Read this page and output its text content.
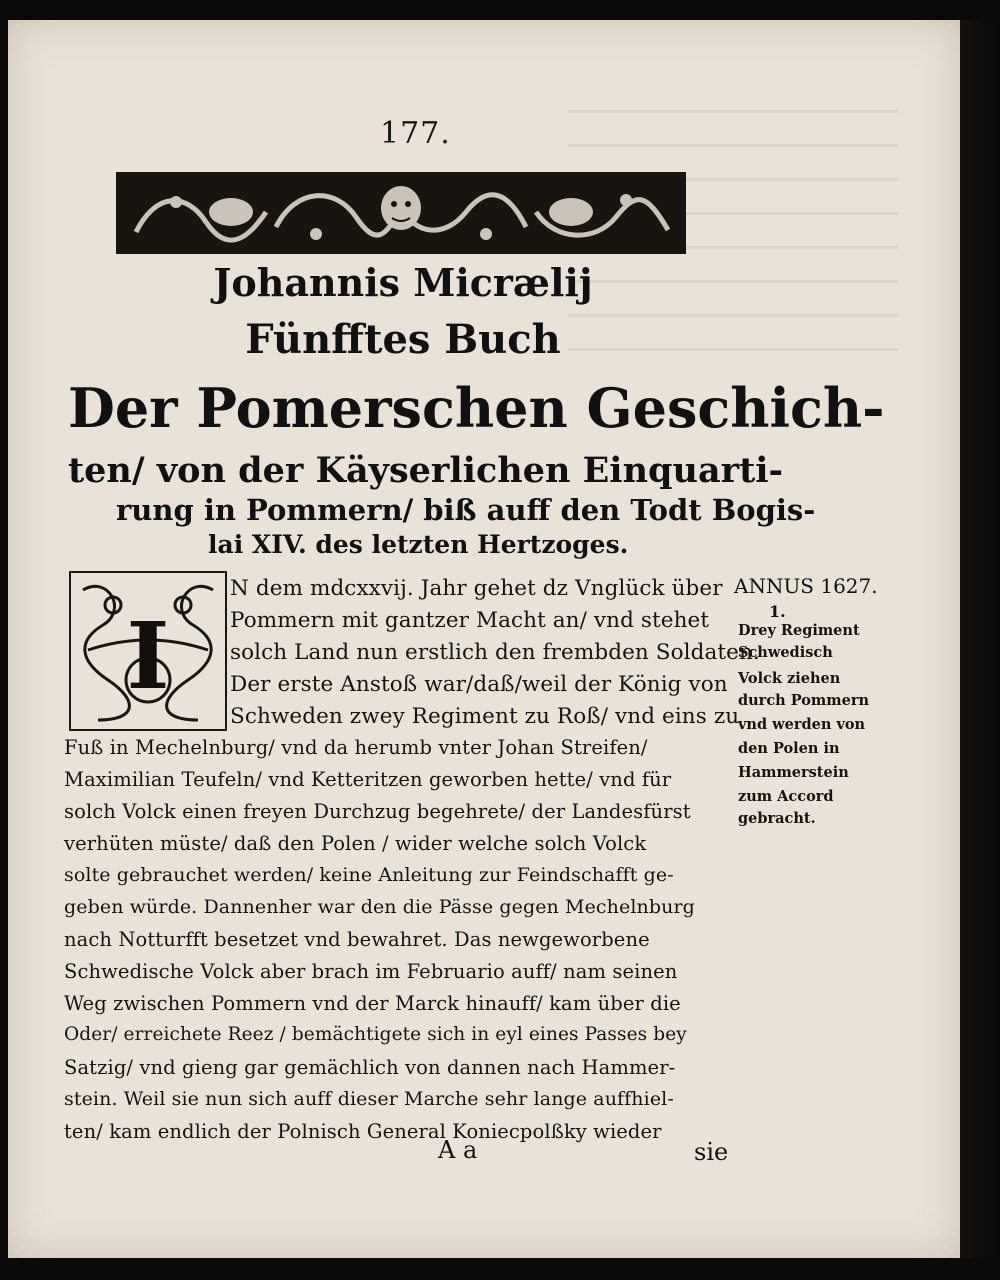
177.
Johannis Micrælij
Fünfftes Buch
Der Pomerschen Geschich-
ten/ von der Käyserlichen Einquarti-
rung in Pommern/ biß auff den Todt Bogis-
lai XIV. des letzten Hertzoges.
I
N dem mdcxxvij. Jahr gehet dz Vnglück über
Pommern mit gantzer Macht an/ vnd stehet
solch Land nun erstlich den frembden Soldaten.
Der erste Anstoß war/daß/weil der König von
Schweden zwey Regiment zu Roß/ vnd eins zu
Fuß in Mechelnburg/ vnd da herumb vnter Johan Streifen/
Maximilian Teufeln/ vnd Ketteritzen geworben hette/ vnd für
solch Volck einen freyen Durchzug begehrete/ der Landesfürst
verhüten müste/ daß den Polen / wider welche solch Volck
solte gebrauchet werden/ keine Anleitung zur Feindschafft ge-
geben würde. Dannenher war den die Pässe gegen Mechelnburg
nach Notturfft besetzet vnd bewahret. Das newgeworbene
Schwedische Volck aber brach im Februario auff/ nam seinen
Weg zwischen Pommern vnd der Marck hinauff/ kam über die
Oder/ erreichete Reez / bemächtigete sich in eyl eines Passes bey
Satzig/ vnd gieng gar gemächlich von dannen nach Hammer-
stein. Weil sie nun sich auff dieser Marche sehr lange auffhiel-
ten/ kam endlich der Polnisch General Koniecpolßky wieder
ANNUS 1627.
1.
Drey Regiment
Schwedisch
Volck ziehen
durch Pommern
vnd werden von
den Polen in
Hammerstein
zum Accord
gebracht.
A a	sie
